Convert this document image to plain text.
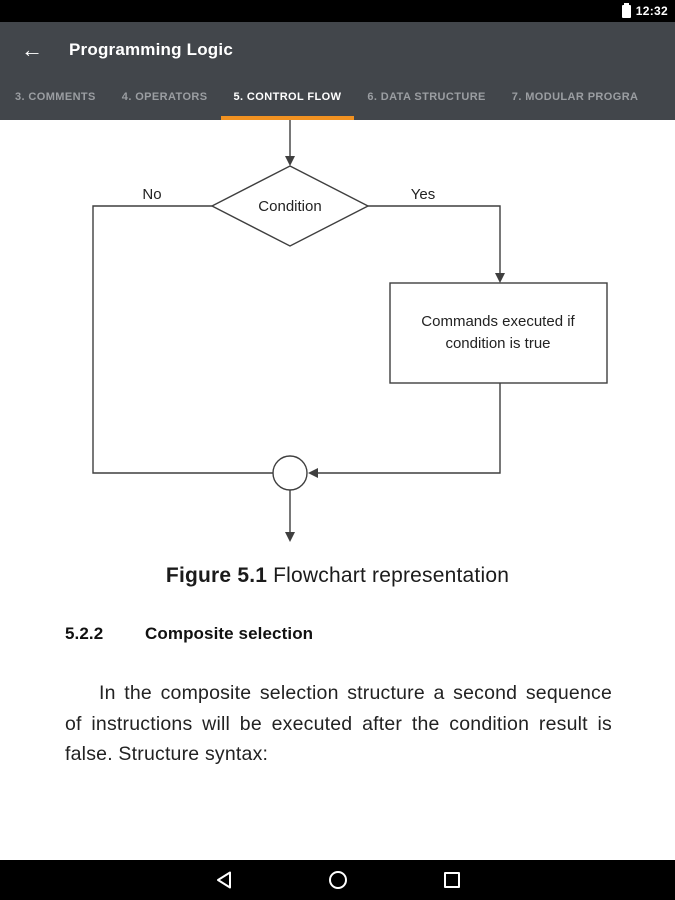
12:32
← Programming Logic
3. COMMENTS	4. OPERATORS	5. CONTROL FLOW	6. DATA STRUCTURE	7. MODULAR PROGRA
Condition
No	Yes
Commands executed if
condition is true
Figure 5.1 Flowchart representation
5.2.2	Composite selection

In the composite selection structure a second sequence of instructions will be executed after the condition result is false. Structure syntax:
